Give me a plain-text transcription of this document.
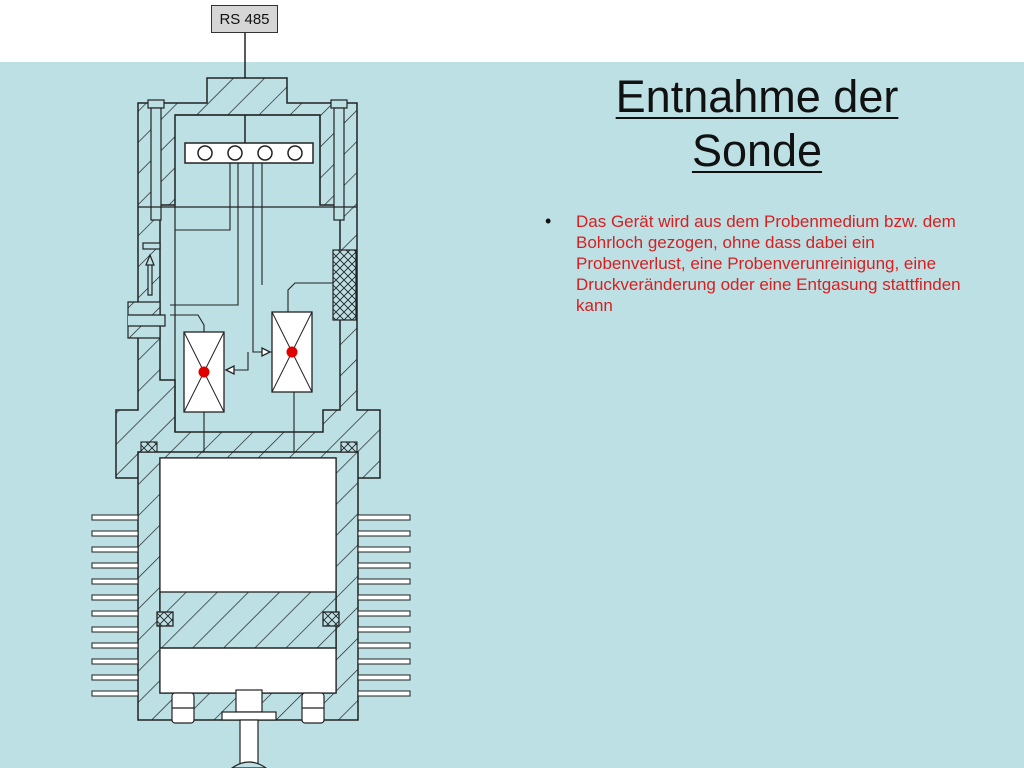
RS 485
Entnahme der
Sonde
• Das Gerät wird aus dem Probenmedium bzw. dem Bohrloch gezogen, ohne dass dabei ein Probenverlust, eine Probenverunreinigung, eine Druckveränderung oder eine Entgasung stattfinden kann
